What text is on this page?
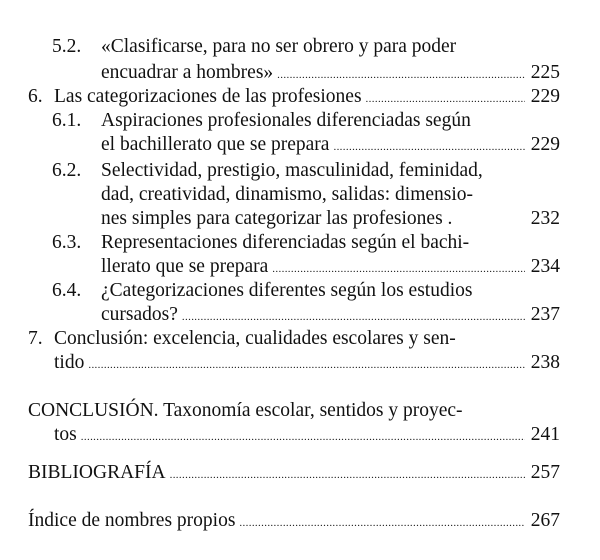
5.2. «Clasificarse, para no ser obrero y para poder
encuadrar a hombres» . . .	225
6. Las categorizaciones de las profesiones . . .	229
6.1. Aspiraciones profesionales diferenciadas según
el bachillerato que se prepara . . .	229
6.2. Selectividad, prestigio, masculinidad, feminidad,
dad, creatividad, dinamismo, salidas: dimensio-
nes simples para categorizar las profesiones .	232
6.3. Representaciones diferenciadas según el bachi-
llerato que se prepara . . .	234
6.4. ¿Categorizaciones diferentes según los estudios
cursados? . . .	237
7. Conclusión: excelencia, cualidades escolares y sen-
tido . . .	238
CONCLUSIÓN. Taxonomía escolar, sentidos y proyec-
tos . . .	241
BIBLIOGRAFÍA . . .	257
Índice de nombres propios . . .	267
